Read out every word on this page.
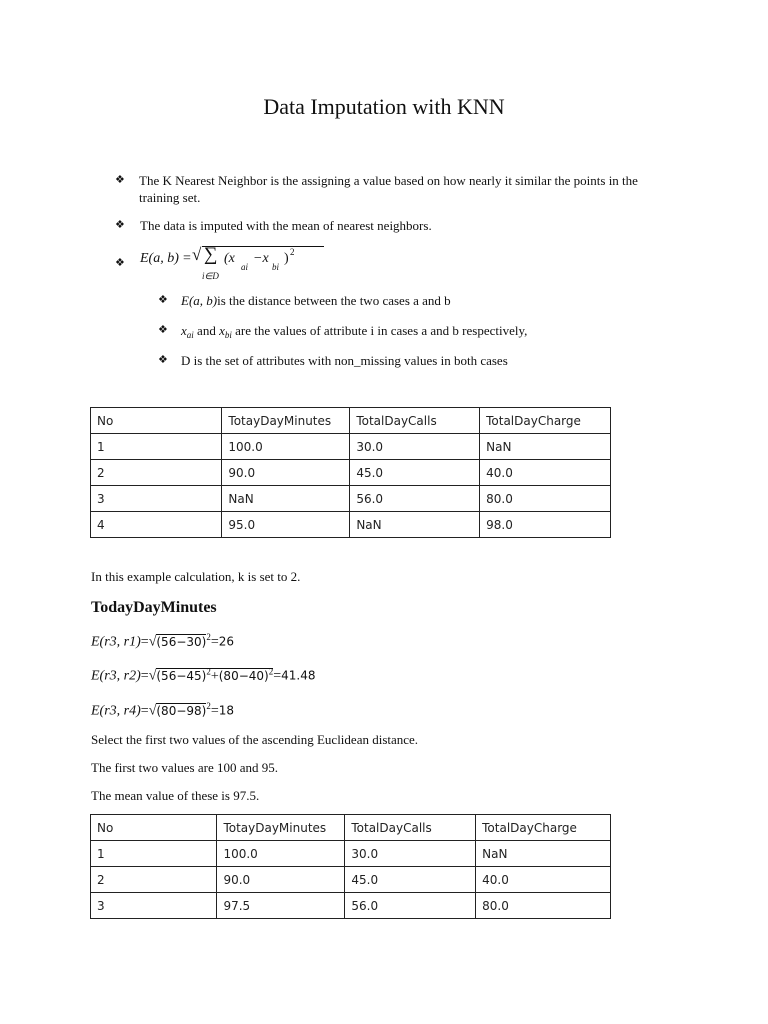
Data Imputation with KNN
❖ The K Nearest Neighbor is the assigning a value based on how nearly it similar the points in the
training set.
❖ The data is imputed with the mean of nearest neighbors.
❖ E(a, b) = √ ∑
i∈D
(x
ai
−x
bi
) 2
❖ E(a, b)is the distance between the two cases a and b
❖ $x_{ai}$ and $x_{bi}$ are the values of attribute i in cases a and b respectively,
❖ D is the set of attributes with non_missing values in both cases
No	TotayDayMinutes	TotalDayCalls	TotalDayCharge
1	100.0	30.0	NaN
2	90.0	45.0	40.0
3	NaN	56.0	80.0
4	95.0	NaN	98.0
In this example calculation, k is set to 2.
TodayDayMinutes
E(r3, $r1)=√(56-30)^2=26$
E(r3, $r2)=√(56-45)^2+(80-40)^2=41.48$
E(r3, $r4)=√(80-98)^2=18$
Select the first two values of the ascending Euclidean distance.
The first two values are 100 and 95.
The mean value of these is 97.5.
No	TotayDayMinutes	TotalDayCalls	TotalDayCharge
1	100.0	30.0	NaN
2	90.0	45.0	40.0
3	97.5	56.0	80.0
